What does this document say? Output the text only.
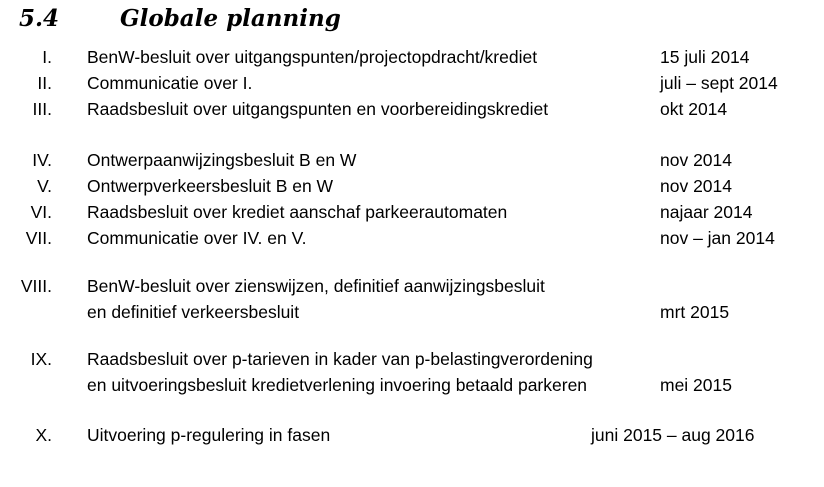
5.4	Globale planning
I. BenW-besluit over uitgangspunten/projectopdracht/krediet	15 juli 2014
II. Communicatie over I.	juli – sept 2014
III. Raadsbesluit over uitgangspunten en voorbereidingskrediet	okt 2014
IV. Ontwerpaanwijzingsbesluit B en W	nov 2014
V. Ontwerpverkeersbesluit B en W	nov 2014
VI. Raadsbesluit over krediet aanschaf parkeerautomaten	najaar 2014
VII. Communicatie over IV. en V.	nov – jan 2014
VIII. BenW-besluit over zienswijzen, definitief aanwijzingsbesluit
en definitief verkeersbesluit	mrt 2015
IX. Raadsbesluit over p-tarieven in kader van p-belastingverordening
en uitvoeringsbesluit kredietverlening invoering betaald parkeren	mei 2015
X. Uitvoering p-regulering in fasen	juni 2015 – aug 2016
